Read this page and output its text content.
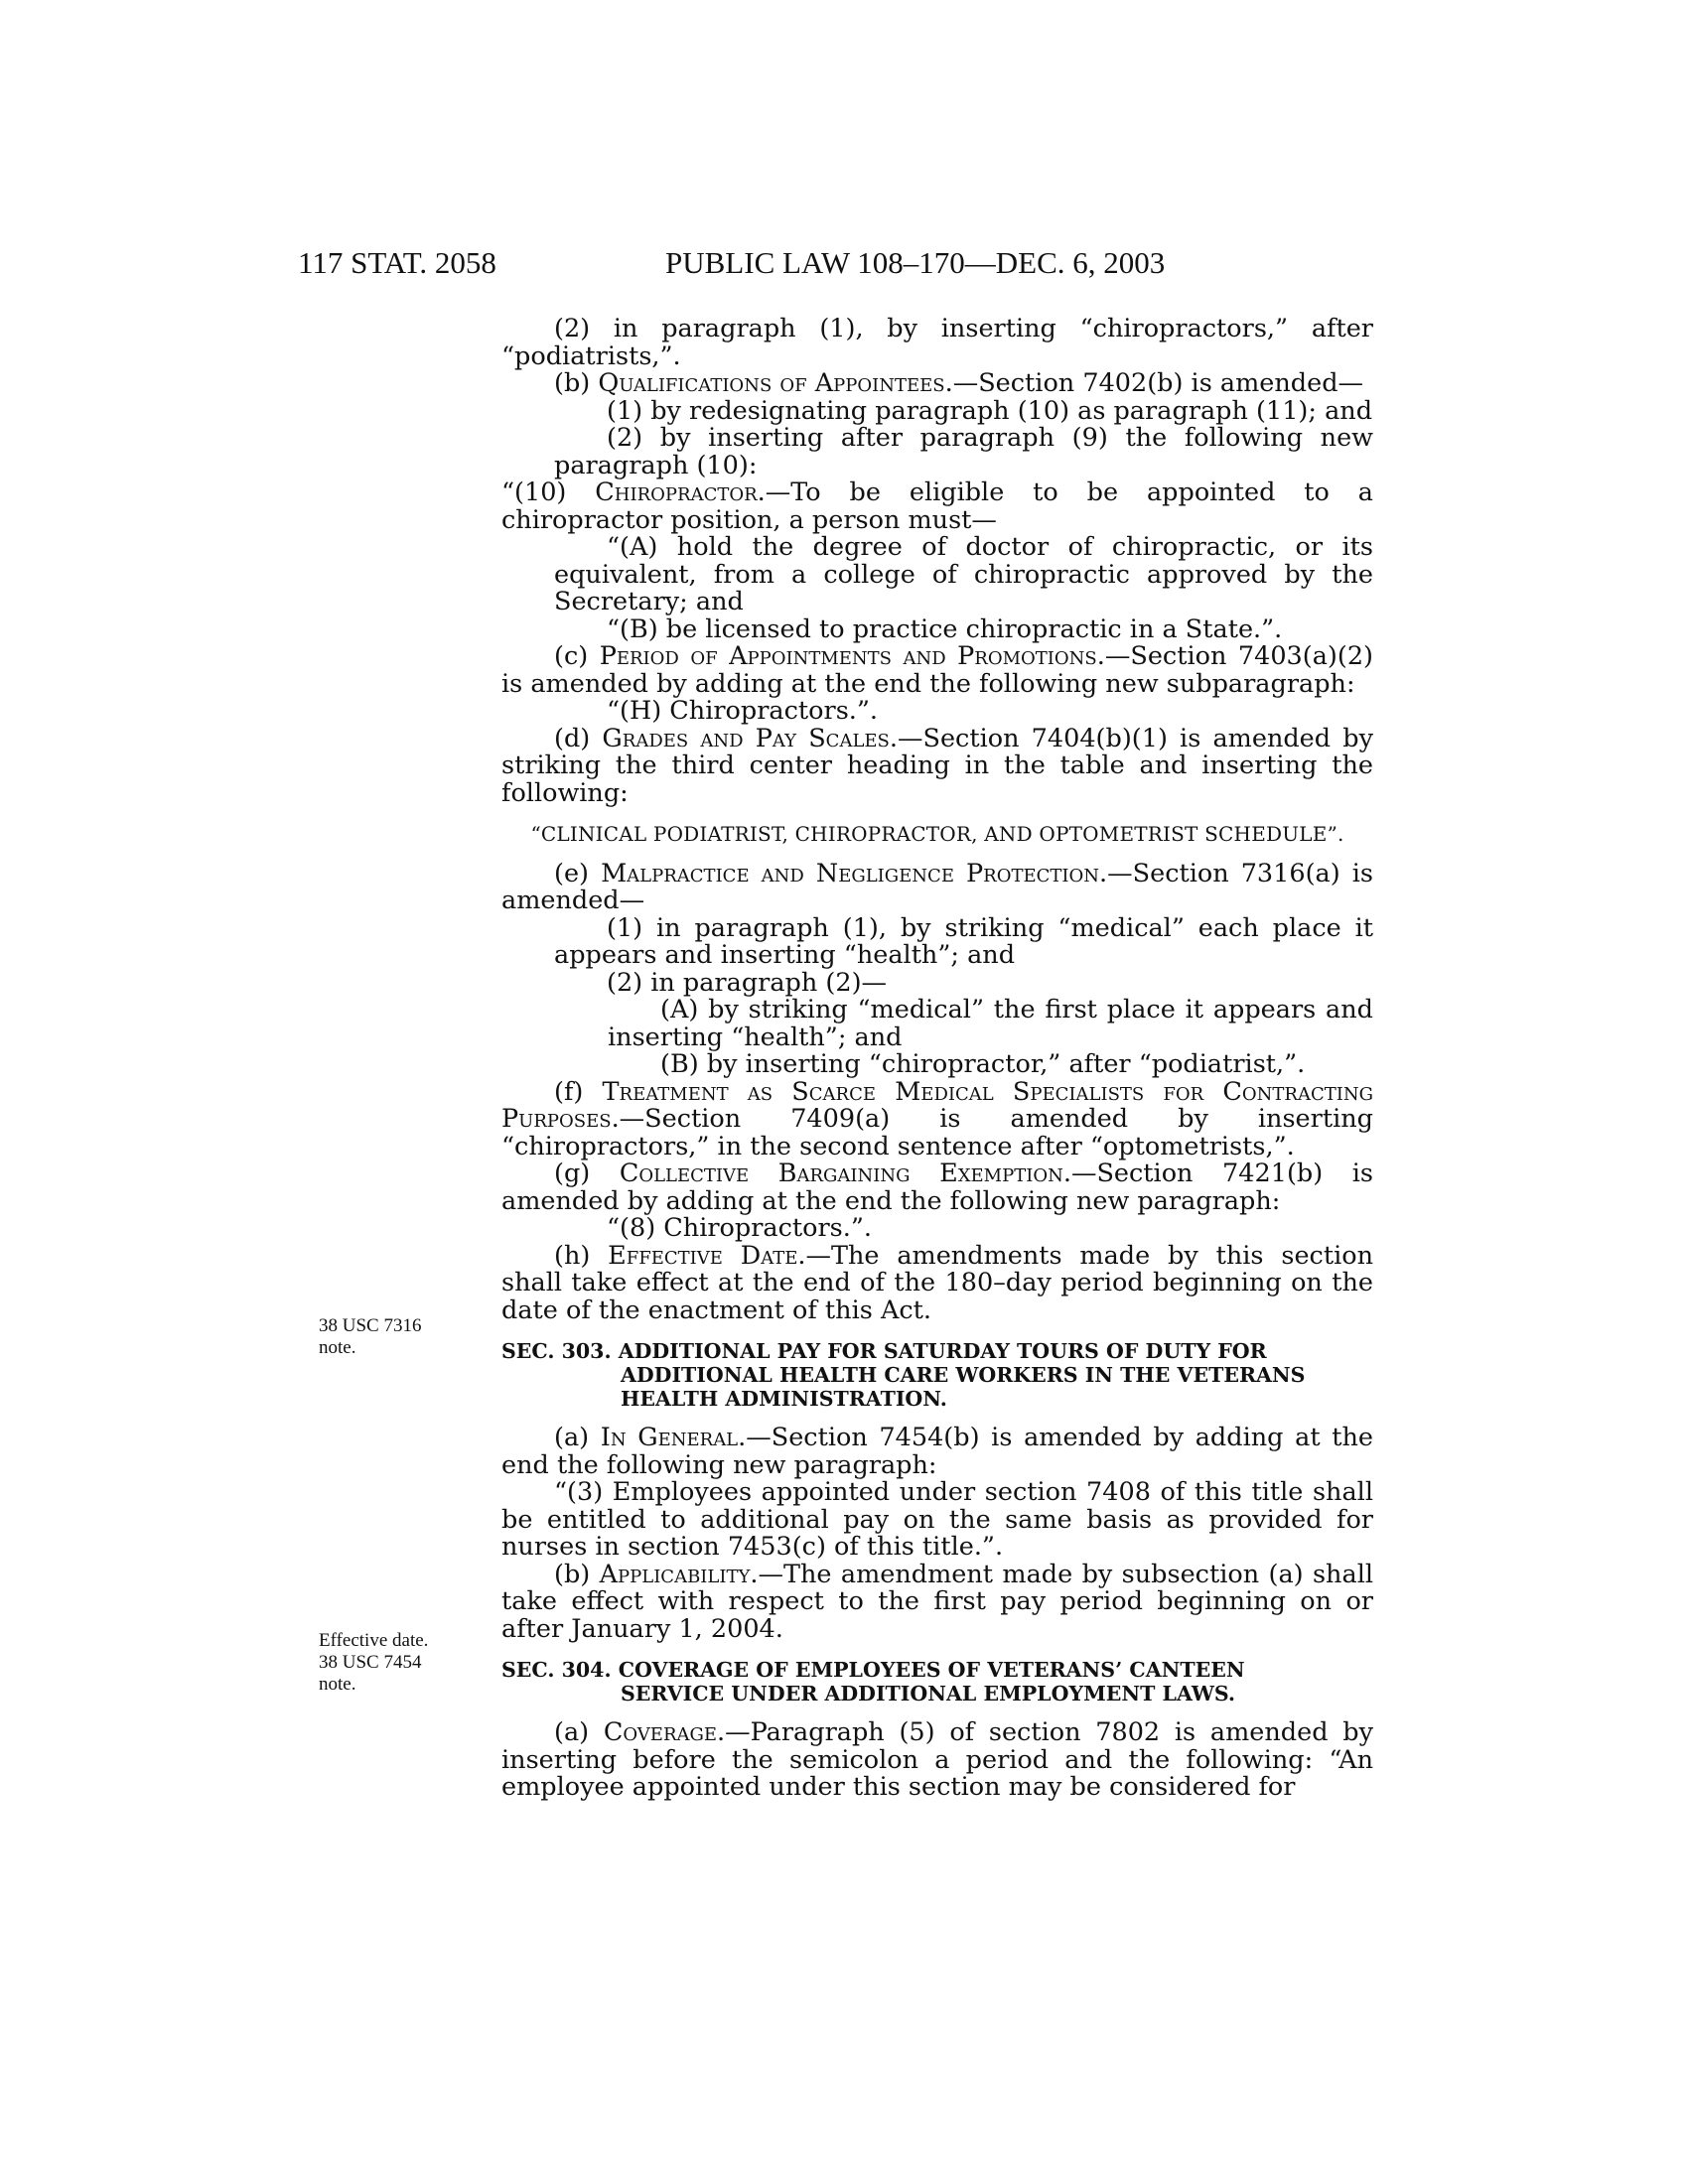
117 STAT. 2058	PUBLIC LAW 108–170—DEC. 6, 2003
38 USC 7316
note.
Effective date.
38 USC 7454
note.

(2) in paragraph (1), by inserting “chiropractors,” after “podiatrists,”.

(b) Qualifications of Appointees.—Section 7402(b) is amended—

(1) by redesignating paragraph (10) as paragraph (11); and

(2) by inserting after paragraph (9) the following new paragraph (10):

“(10) Chiropractor.—To be eligible to be appointed to a chiropractor position, a person must—

“(A) hold the degree of doctor of chiropractic, or its equivalent, from a college of chiropractic approved by the Secretary; and

“(B) be licensed to practice chiropractic in a State.”.

(c) Period of Appointments and Promotions.—Section 7403(a)(2) is amended by adding at the end the following new subparagraph:

“(H) Chiropractors.”.

(d) Grades and Pay Scales.—Section 7404(b)(1) is amended by striking the third center heading in the table and inserting the following:

“CLINICAL PODIATRIST, CHIROPRACTOR, AND OPTOMETRIST SCHEDULE”.

(e) Malpractice and Negligence Protection.—Section 7316(a) is amended—

(1) in paragraph (1), by striking “medical” each place it appears and inserting “health”; and

(2) in paragraph (2)—

(A) by striking “medical” the first place it appears and inserting “health”; and

(B) by inserting “chiropractor,” after “podiatrist,”.

(f) Treatment as Scarce Medical Specialists for Contracting Purposes.—Section 7409(a) is amended by inserting “chiropractors,” in the second sentence after “optometrists,”.

(g) Collective Bargaining Exemption.—Section 7421(b) is amended by adding at the end the following new paragraph:

“(8) Chiropractors.”.

(h) Effective Date.—The amendments made by this section shall take effect at the end of the 180–day period beginning on the date of the enactment of this Act.

SEC. 303. ADDITIONAL PAY FOR SATURDAY TOURS OF DUTY FOR
ADDITIONAL HEALTH CARE WORKERS IN THE VETERANS
HEALTH ADMINISTRATION.

(a) In General.—Section 7454(b) is amended by adding at the end the following new paragraph:

“(3) Employees appointed under section 7408 of this title shall be entitled to additional pay on the same basis as provided for nurses in section 7453(c) of this title.”.

(b) Applicability.—The amendment made by subsection (a) shall take effect with respect to the first pay period beginning on or after January 1, 2004.

SEC. 304. COVERAGE OF EMPLOYEES OF VETERANS’ CANTEEN
SERVICE UNDER ADDITIONAL EMPLOYMENT LAWS.

(a) Coverage.—Paragraph (5) of section 7802 is amended by inserting before the semicolon a period and the following: “An employee appointed under this section may be considered for
